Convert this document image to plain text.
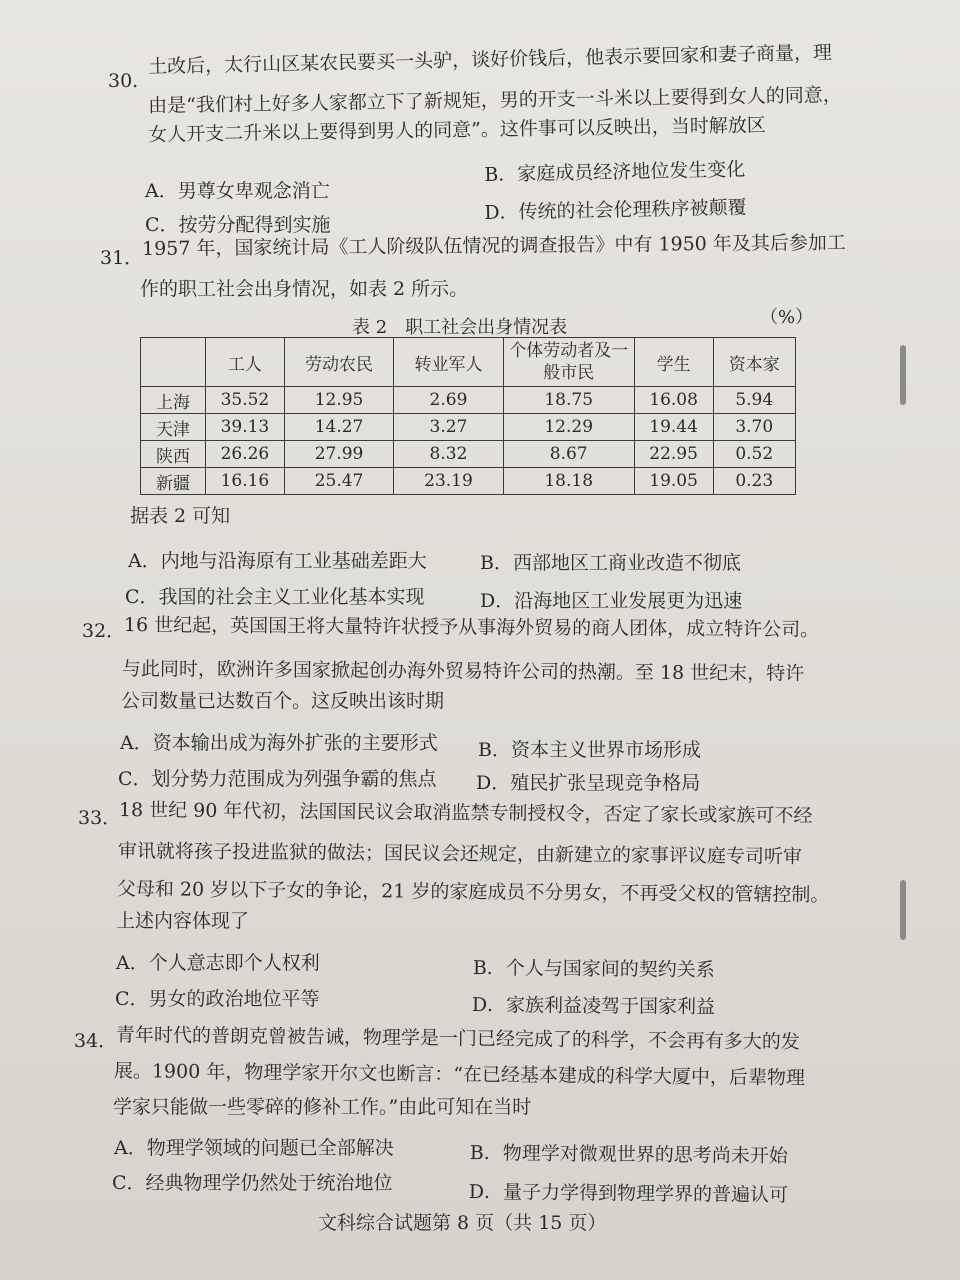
30.
土改后，太行山区某农民要买一头驴，谈好价钱后，他表示要回家和妻子商量，理
由是“我们村上好多人家都立下了新规矩，男的开支一斗米以上要得到女人的同意，
女人开支二升米以上要得到男人的同意”。这件事可以反映出，当时解放区
A．男尊女卑观念消亡
B．家庭成员经济地位发生变化
C．按劳分配得到实施
D．传统的社会伦理秩序被颠覆
31．
1957 年，国家统计局《工人阶级队伍情况的调查报告》中有 1950 年及其后参加工
作的职工社会出身情况，如表 2 所示。
表 2　职工社会出身情况表	（%）
	工人	劳动农民	转业军人	个体劳动者及一般市民	学生	资本家
上海	35.52	12.95	2.69	18.75	16.08	5.94
天津	39.13	14.27	3.27	12.29	19.44	3.70
陕西	26.26	27.99	8.32	8.67	22.95	0.52
新疆	16.16	25.47	23.19	18.18	19.05	0.23
据表 2 可知
A．内地与沿海原有工业基础差距大	B．西部地区工商业改造不彻底
C．我国的社会主义工业化基本实现	D．沿海地区工业发展更为迅速
32．
16 世纪起，英国国王将大量特许状授予从事海外贸易的商人团体，成立特许公司。
与此同时，欧洲许多国家掀起创办海外贸易特许公司的热潮。至 18 世纪末，特许
公司数量已达数百个。这反映出该时期
A．资本输出成为海外扩张的主要形式 B．资本主义世界市场形成
C．划分势力范围成为列强争霸的焦点 D．殖民扩张呈现竞争格局
33．
18 世纪 90 年代初，法国国民议会取消监禁专制授权令，否定了家长或家族可不经
审讯就将孩子投进监狱的做法；国民议会还规定，由新建立的家事评议庭专司听审
父母和 20 岁以下子女的争论，21 岁的家庭成员不分男女，不再受父权的管辖控制。
上述内容体现了
A．个人意志即个人权利	B．个人与国家间的契约关系
C．男女的政治地位平等	D．家族利益凌驾于国家利益
34．
青年时代的普朗克曾被告诫，物理学是一门已经完成了的科学，不会再有多大的发
展。1900 年，物理学家开尔文也断言：“在已经基本建成的科学大厦中，后辈物理
学家只能做一些零碎的修补工作。”由此可知在当时
A．物理学领域的问题已全部解决	B．物理学对微观世界的思考尚未开始
C．经典物理学仍然处于统治地位	D．量子力学得到物理学界的普遍认可
文科综合试题第 8 页（共 15 页）
